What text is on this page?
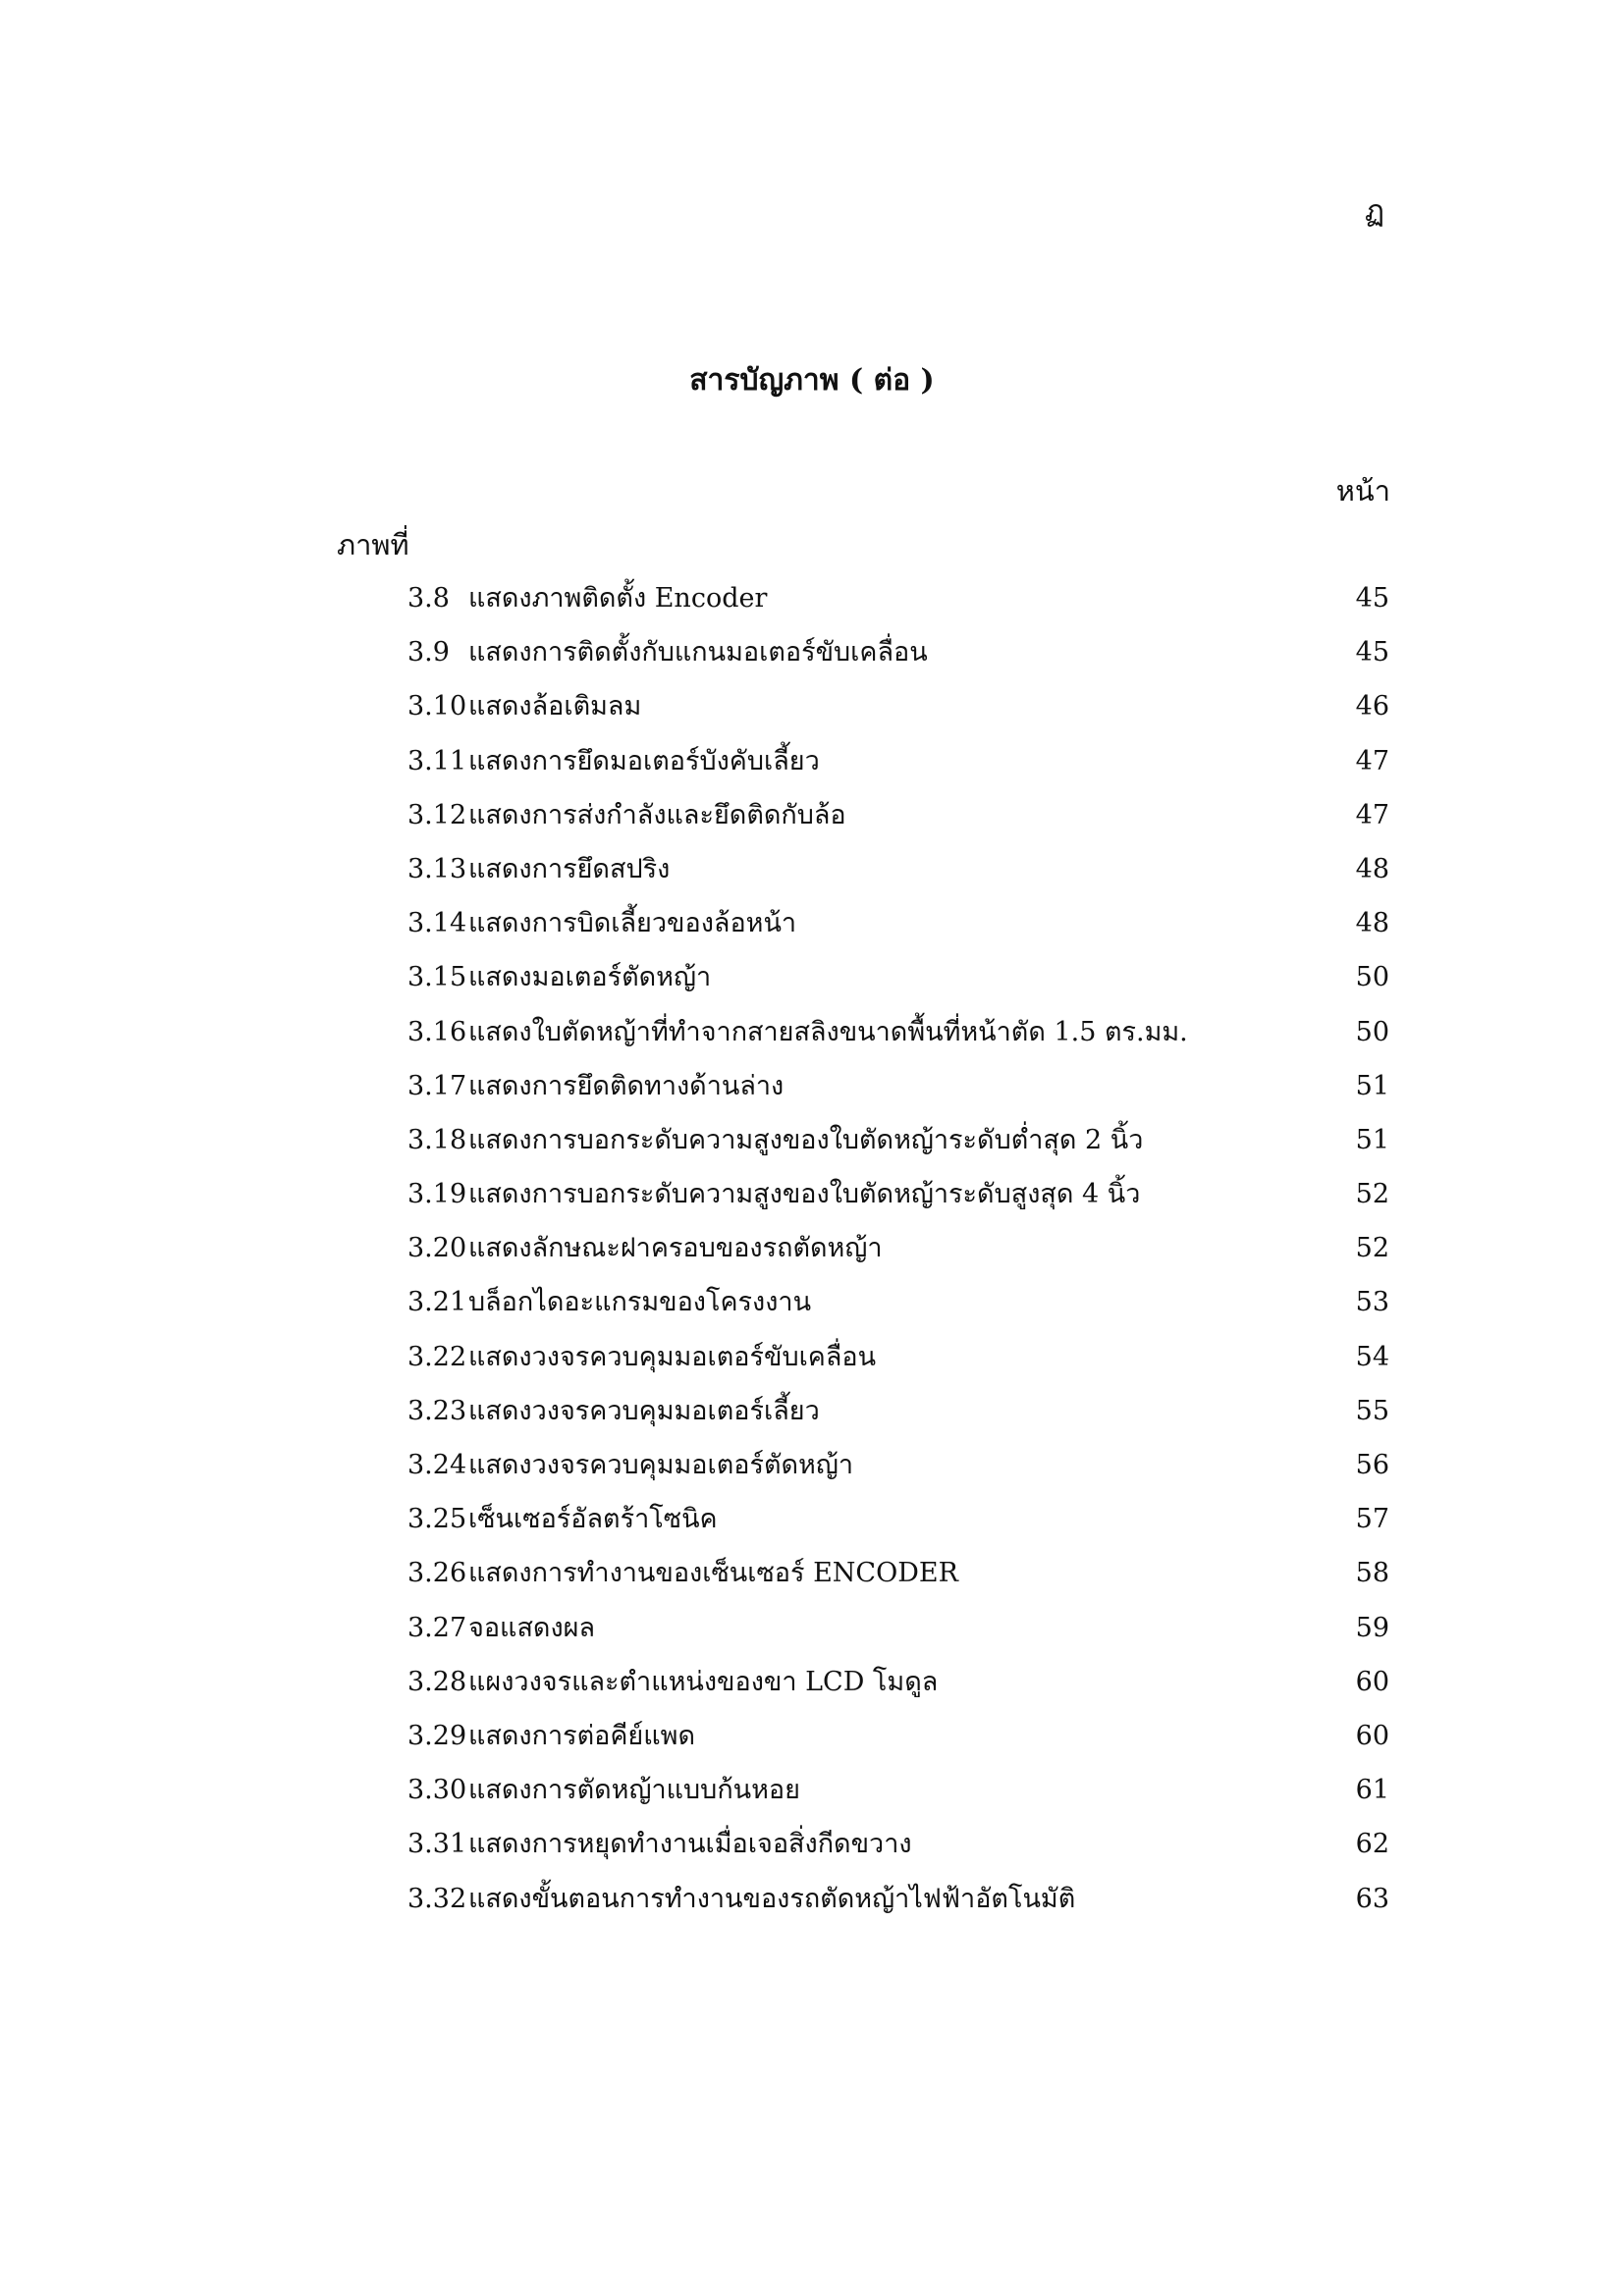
ฏ
สารบัญภาพ ( ต่อ )
หน้า
ภาพที่
3.8 แสดงภาพติดตั้ง Encoder	45
3.9 แสดงการติดตั้งกับแกนมอเตอร์ขับเคลื่อน	45
3.10แสดงล้อเติมลม	46
3.11แสดงการยึดมอเตอร์บังคับเลี้ยว	47
3.12แสดงการส่งกำลังและยึดติดกับล้อ	47
3.13แสดงการยึดสปริง	48
3.14แสดงการบิดเลี้ยวของล้อหน้า	48
3.15แสดงมอเตอร์ตัดหญ้า	50
3.16แสดงใบตัดหญ้าที่ทำจากสายสลิงขนาดพื้นที่หน้าตัด 1.5 ตร.มม.	50
3.17แสดงการยึดติดทางด้านล่าง	51
3.18แสดงการบอกระดับความสูงของใบตัดหญ้าระดับต่ำสุด 2 นิ้ว	51
3.19แสดงการบอกระดับความสูงของใบตัดหญ้าระดับสูงสุด 4 นิ้ว	52
3.20แสดงลักษณะฝาครอบของรถตัดหญ้า	52
3.21บล็อกไดอะแกรมของโครงงาน	53
3.22แสดงวงจรควบคุมมอเตอร์ขับเคลื่อน	54
3.23แสดงวงจรควบคุมมอเตอร์เลี้ยว	55
3.24แสดงวงจรควบคุมมอเตอร์ตัดหญ้า	56
3.25เซ็นเซอร์อัลตร้าโซนิค	57
3.26แสดงการทำงานของเซ็นเซอร์ ENCODER	58
3.27จอแสดงผล	59
3.28แผงวงจรและตำแหน่งของขา LCD โมดูล	60
3.29แสดงการต่อคีย์แพด	60
3.30แสดงการตัดหญ้าแบบก้นหอย	61
3.31แสดงการหยุดทำงานเมื่อเจอสิ่งกีดขวาง	62
3.32แสดงขั้นตอนการทำงานของรถตัดหญ้าไฟฟ้าอัตโนมัติ	63
